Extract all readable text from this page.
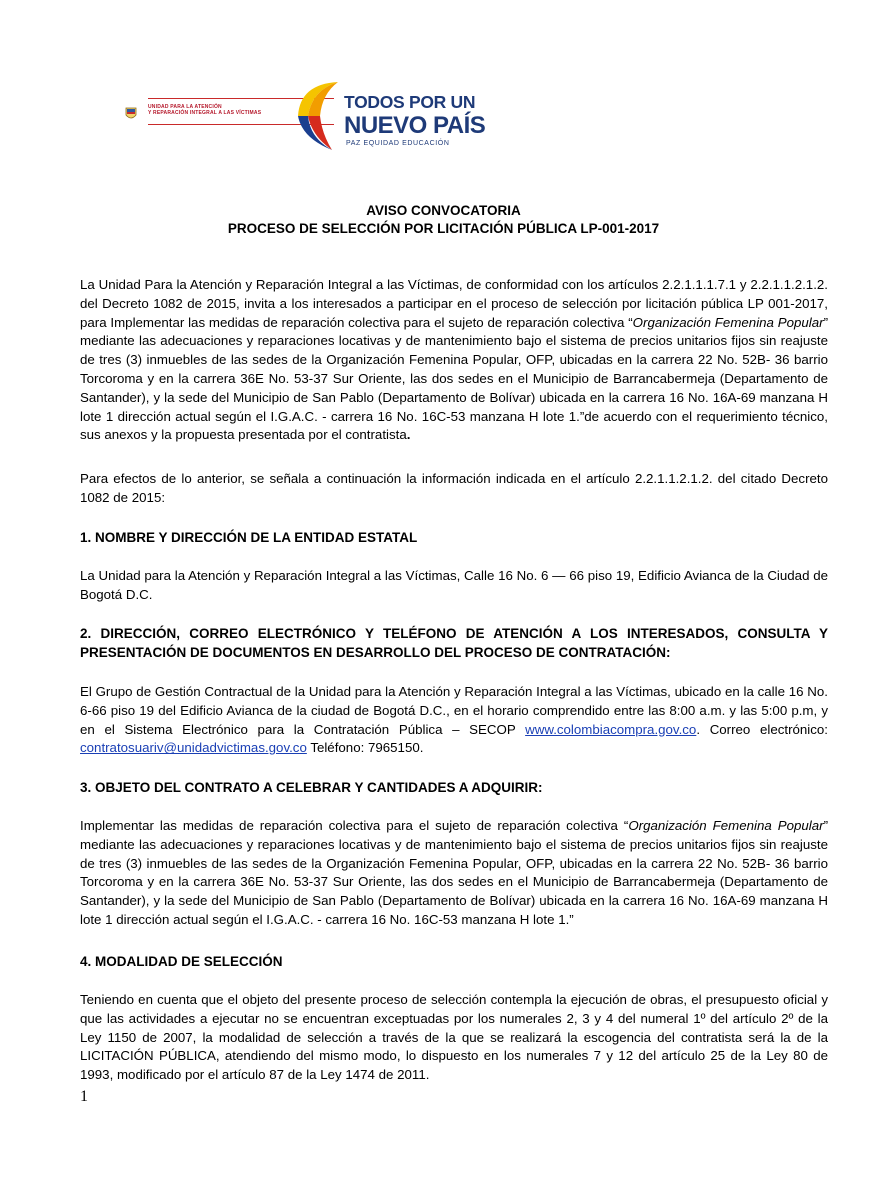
UNIDAD PARA LA ATENCIÓN
Y REPARACIÓN INTEGRAL A LAS VÍCTIMAS
TODOS POR UN
NUEVO PAÍS
PAZ EQUIDAD EDUCACIÓN
AVISO CONVOCATORIA
PROCESO DE SELECCIÓN POR LICITACIÓN PÚBLICA LP-001-2017
La Unidad Para la Atención y Reparación Integral a las Víctimas, de conformidad con los artículos 2.2.1.1.1.7.1 y 2.2.1.1.2.1.2. del Decreto 1082 de 2015, invita a los interesados a participar en el proceso de selección por licitación pública LP 001-2017, para Implementar las medidas de reparación colectiva para el sujeto de reparación colectiva “Organización Femenina Popular” mediante las adecuaciones y reparaciones locativas y de mantenimiento bajo el sistema de precios unitarios fijos sin reajuste de tres (3) inmuebles de las sedes de la Organización Femenina Popular, OFP, ubicadas en la carrera 22 No. 52B- 36 barrio Torcoroma y en la carrera 36E No. 53-37 Sur Oriente, las dos sedes en el Municipio de Barrancabermeja (Departamento de Santander), y la sede del Municipio de San Pablo (Departamento de Bolívar) ubicada en la carrera 16 No. 16A-69 manzana H lote 1 dirección actual según el I.G.A.C. - carrera 16 No. 16C-53 manzana H lote 1.”de acuerdo con el requerimiento técnico, sus anexos y la propuesta presentada por el contratista.
Para efectos de lo anterior, se señala a continuación la información indicada en el artículo 2.2.1.1.2.1.2. del citado Decreto 1082 de 2015:
1. NOMBRE Y DIRECCIÓN DE LA ENTIDAD ESTATAL
La Unidad para la Atención y Reparación Integral a las Víctimas, Calle 16 No. 6 — 66 piso 19, Edificio Avianca de la Ciudad de Bogotá D.C.
2. DIRECCIÓN, CORREO ELECTRÓNICO Y TELÉFONO DE ATENCIÓN A LOS INTERESADOS, CONSULTA Y PRESENTACIÓN DE DOCUMENTOS EN DESARROLLO DEL PROCESO DE CONTRATACIÓN:
El Grupo de Gestión Contractual de la Unidad para la Atención y Reparación Integral a las Víctimas, ubicado en la calle 16 No. 6-66 piso 19 del Edificio Avianca de la ciudad de Bogotá D.C., en el horario comprendido entre las 8:00 a.m. y las 5:00 p.m, y en el Sistema Electrónico para la Contratación Pública – SECOP www.colombiacompra.gov.co. Correo electrónico: contratosuariv@unidadvictimas.gov.co Teléfono: 7965150.
3. OBJETO DEL CONTRATO A CELEBRAR Y CANTIDADES A ADQUIRIR:
Implementar las medidas de reparación colectiva para el sujeto de reparación colectiva “Organización Femenina Popular” mediante las adecuaciones y reparaciones locativas y de mantenimiento bajo el sistema de precios unitarios fijos sin reajuste de tres (3) inmuebles de las sedes de la Organización Femenina Popular, OFP, ubicadas en la carrera 22 No. 52B- 36 barrio Torcoroma y en la carrera 36E No. 53-37 Sur Oriente, las dos sedes en el Municipio de Barrancabermeja (Departamento de Santander), y la sede del Municipio de San Pablo (Departamento de Bolívar) ubicada en la carrera 16 No. 16A-69 manzana H lote 1 dirección actual según el I.G.A.C. - carrera 16 No. 16C-53 manzana H lote 1.”
4. MODALIDAD DE SELECCIÓN
Teniendo en cuenta que el objeto del presente proceso de selección contempla la ejecución de obras, el presupuesto oficial y que las actividades a ejecutar no se encuentran exceptuadas por los numerales 2, 3 y 4 del numeral 1º del artículo 2º de la Ley 1150 de 2007, la modalidad de selección a través de la que se realizará la escogencia del contratista será la de la LICITACIÓN PÚBLICA, atendiendo del mismo modo, lo dispuesto en los numerales 7 y 12 del artículo 25 de la Ley 80 de 1993, modificado por el artículo 87 de la Ley 1474 de 2011.
1
